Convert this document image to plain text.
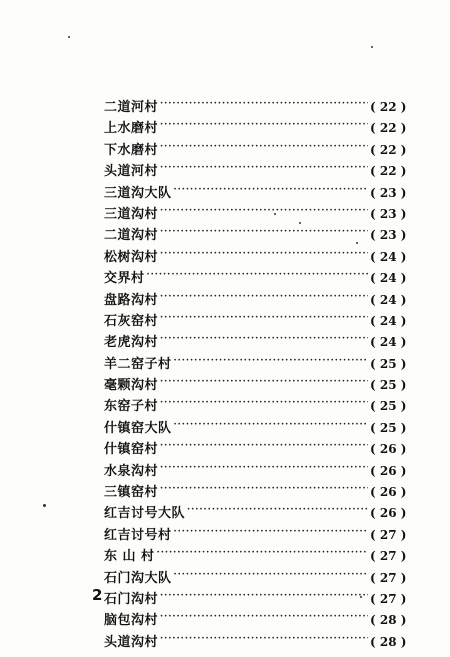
二道河村 ·····	( 22 )
上水磨村 ·····	( 22 )
下水磨村 ·····	( 22 )
头道河村 ·····	( 22 )
三道沟大队 ·····	( 23 )
三道沟村 ·····	( 23 )
二道沟村 ·····	( 23 )
松树沟村 ·····	( 24 )
交界村 ·····	( 24 )
盘路沟村 ·····	( 24 )
石灰窑村 ·····	( 24 )
老虎沟村 ·····	( 24 )
羊二窑子村 ·····	( 25 )
毫颗沟村 ·····	( 25 )
东窑子村 ·····	( 25 )
什镇窑大队 ·····	( 25 )
什镇窑村 ·····	( 26 )
水泉沟村 ·····	( 26 )
三镇窑村 ·····	( 26 )
红吉讨号大队 ·····	( 26 )
红吉讨号村 ·····	( 27 )
东 山 村 ·····	( 27 )
石门沟大队 ·····	( 27 )
石门沟村 ·····	( 27 )
脑包沟村 ·····	( 28 )
头道沟村 ·····	( 28 )
2
